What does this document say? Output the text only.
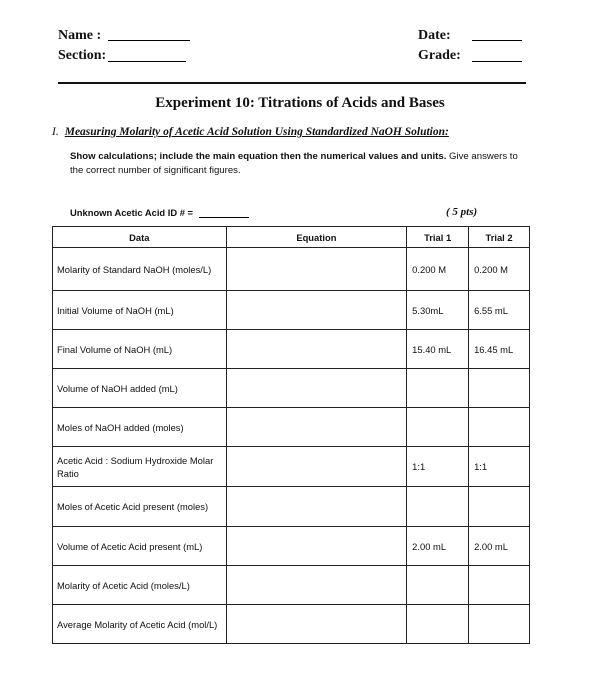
Name :
Section:
Date:
Grade:
Experiment 10: Titrations of Acids and Bases
I. Measuring Molarity of Acetic Acid Solution Using Standardized NaOH Solution:
Show calculations; include the main equation then the numerical values and units. Give answers to the correct number of significant figures.
Unknown Acetic Acid ID # =	( 5 pts)
Data	Equation	Trial 1	Trial 2
Molarity of Standard NaOH (moles/L)		0.200 M	0.200 M
Initial Volume of NaOH (mL)		5.30mL	6.55 mL
Final Volume of NaOH (mL)		15.40 mL	16.45 mL
Volume of NaOH added (mL)			
Moles of NaOH added (moles)			
Acetic Acid : Sodium Hydroxide Molar Ratio		1:1	1:1
Moles of Acetic Acid present (moles)			
Volume of Acetic Acid present (mL)		2.00 mL	2.00 mL
Molarity of Acetic Acid (moles/L)			
Average Molarity of Acetic Acid (mol/L)			
